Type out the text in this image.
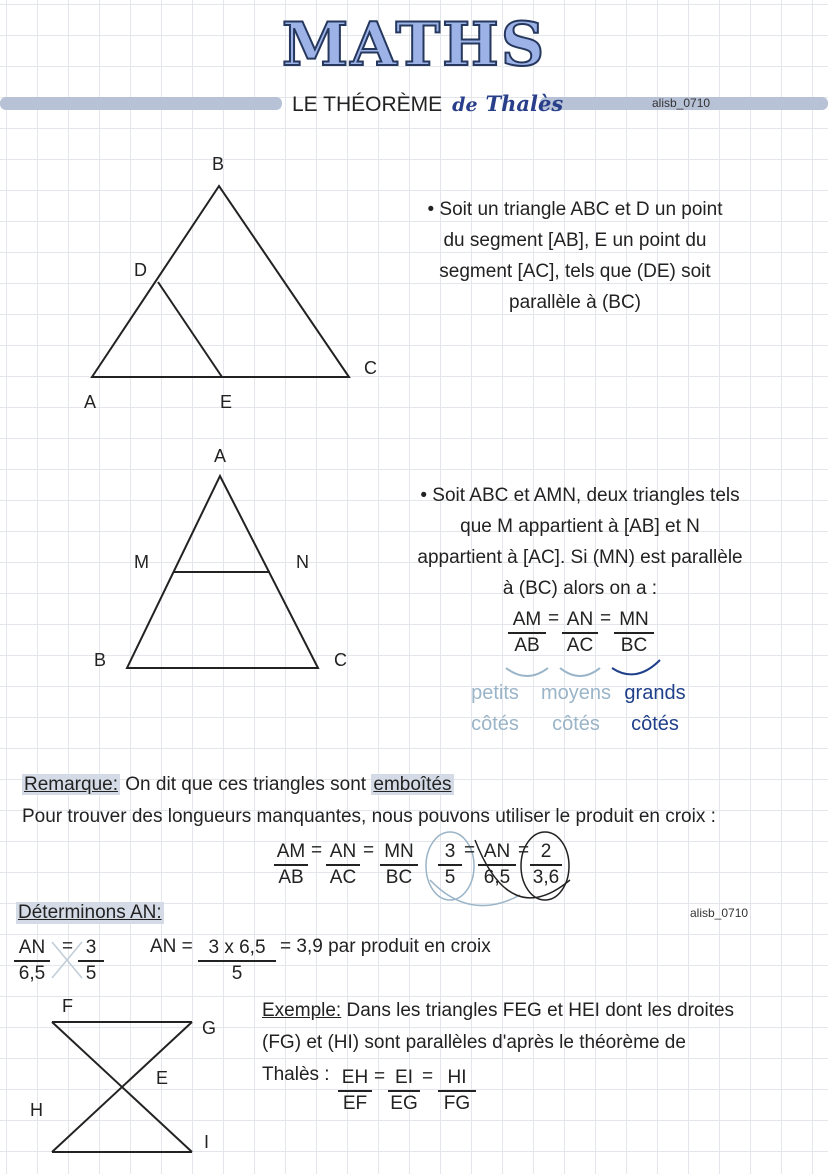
MATHS
LE THÉORÈME de Thalès	alisb_0710
B
D
A	E
C
• Soit un triangle ABC et D un point
du segment [AB], E un point du
segment [AC], tels que (DE) soit
parallèle à (BC)
A
M	N
B	C
• Soit ABC et AMN, deux triangles tels
que M appartient à [AB] et N
appartient à [AC]. Si (MN) est parallèle
à (BC) alors on a :
$\frac{AM}{AB} = \frac{AN}{AC} = \frac{MN}{BC}$
petits
côtés
moyens
côtés
grands
côtés
Remarque: On dit que ces triangles sont emboîtés
Pour trouver des longueurs manquantes, nous pouvons utiliser le produit en croix :
$\frac{AM}{AB} = \frac{AN}{AC} = \frac{MN}{BC} \frac{3}{5} = \frac{AN}{6,5} = \frac{2}{3,6}$
Déterminons AN:	alisb_0710
$\frac{AN}{6,5} = \frac{3}{5}$ AN = $\frac{3 x 6,5}{5} = 3,9$ par produit en croix
F
G
E
H
I
Exemple: Dans les triangles FEG et HEI dont les droites
(FG) et (HI) sont parallèles d'après le théorème de
Thalès : $\frac{EH}{EF} = \frac{EI}{EG} = \frac{HI}{FG}$
